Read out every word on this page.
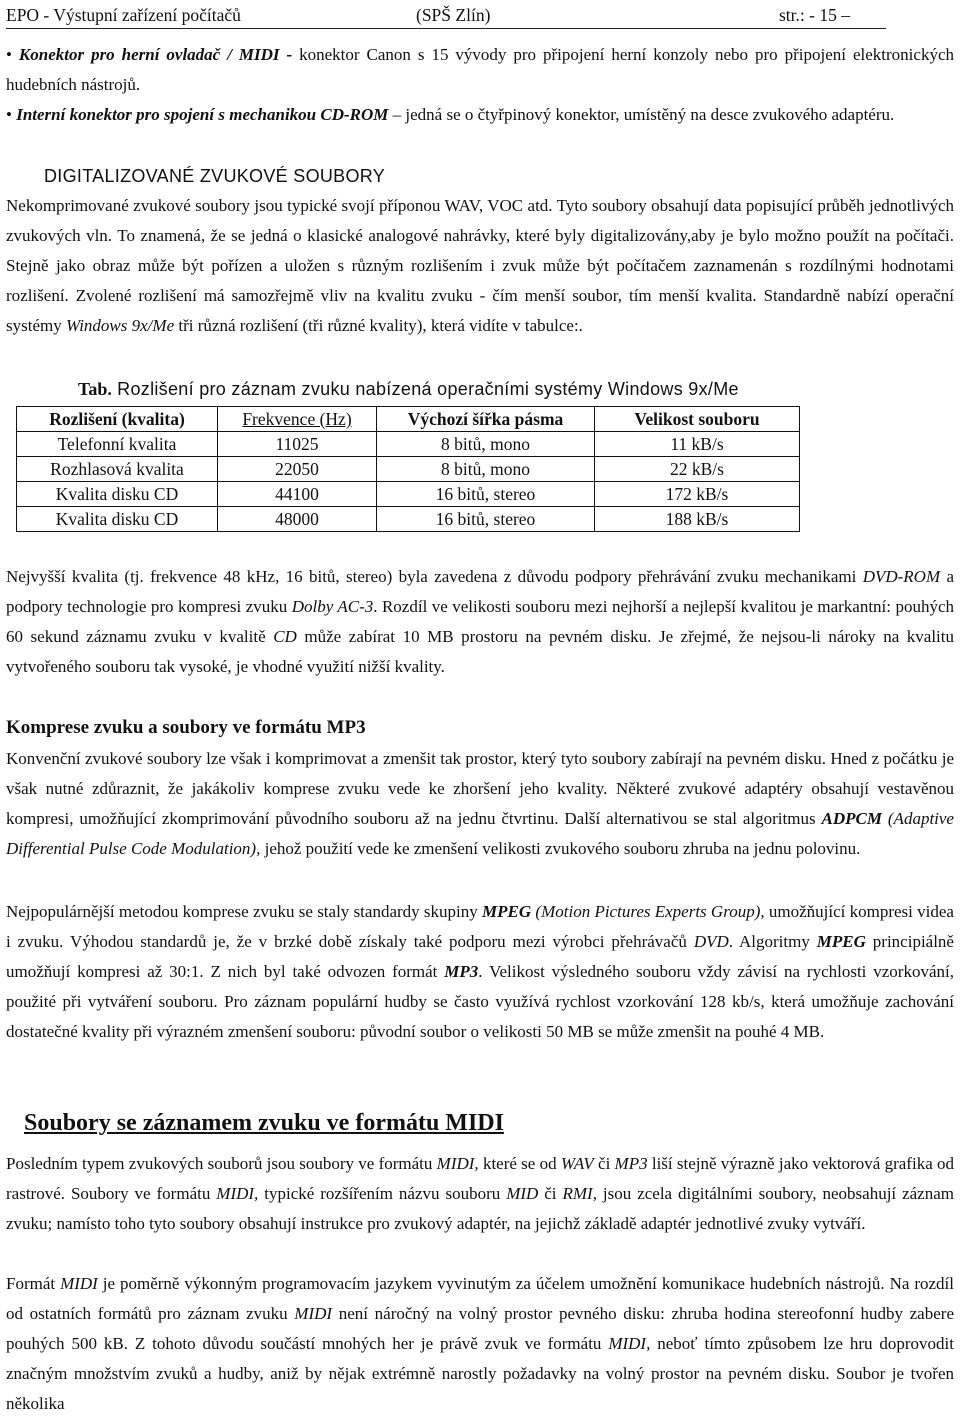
EPO - Výstupní zařízení počítačů	(SPŠ Zlín)	str.: - 15 –

• Konektor pro herní ovladač / MIDI - konektor Canon s 15 vývody pro připojení herní konzoly nebo pro připojení elektronických hudebních nástrojů.

• Interní konektor pro spojení s mechanikou CD-ROM – jedná se o čtyřpinový konektor, umístěný na desce zvukového adaptéru.

DIGITALIZOVANÉ ZVUKOVÉ SOUBORY

Nekomprimované zvukové soubory jsou typické svojí příponou WAV, VOC atd. Tyto soubory obsahují data popisující průběh jednotlivých zvukových vln. To znamená, že se jedná o klasické analogové nahrávky, které byly digitalizovány,aby je bylo možno použít na počítači. Stejně jako obraz může být pořízen a uložen s různým rozlišením i zvuk může být počítačem zaznamenán s rozdílnými hodnotami rozlišení. Zvolené rozlišení má samozřejmě vliv na kvalitu zvuku - čím menší soubor, tím menší kvalita. Standardně nabízí operační systémy Windows 9x/Me tři různá rozlišení (tři různé kvality), která vidíte v tabulce:.

Tab. Rozlišení pro záznam zvuku nabízená operačními systémy Windows 9x/Me

Rozlišení (kvalita)	Frekvence (Hz)	Výchozí šířka pásma	Velikost souboru
Telefonní kvalita	11025	8 bitů, mono	11 kB/s
Rozhlasová kvalita	22050	8 bitů, mono	22 kB/s
Kvalita disku CD	44100	16 bitů, stereo	172 kB/s
Kvalita disku CD	48000	16 bitů, stereo	188 kB/s

Nejvyšší kvalita (tj. frekvence 48 kHz, 16 bitů, stereo) byla zavedena z důvodu podpory přehrávání zvuku mechanikami DVD-ROM a podpory technologie pro kompresi zvuku Dolby AC-3. Rozdíl ve velikosti souboru mezi nejhorší a nejlepší kvalitou je markantní: pouhých 60 sekund záznamu zvuku v kvalitě CD může zabírat 10 MB prostoru na pevném disku. Je zřejmé, že nejsou-li nároky na kvalitu vytvořeného souboru tak vysoké, je vhodné využití nižší kvality.

Komprese zvuku a soubory ve formátu MP3

Konvenční zvukové soubory lze však i komprimovat a zmenšit tak prostor, který tyto soubory zabírají na pevném disku. Hned z počátku je však nutné zdůraznit, že jakákoliv komprese zvuku vede ke zhoršení jeho kvality. Některé zvukové adaptéry obsahují vestavěnou kompresi, umožňující zkomprimování původního souboru až na jednu čtvrtinu. Další alternativou se stal algoritmus ADPCM (Adaptive Differential Pulse Code Modulation), jehož použití vede ke zmenšení velikosti zvukového souboru zhruba na jednu polovinu.

Nejpopulárnější metodou komprese zvuku se staly standardy skupiny MPEG (Motion Pictures Experts Group), umožňující kompresi videa i zvuku. Výhodou standardů je, že v brzké době získaly také podporu mezi výrobci přehrávačů DVD. Algoritmy MPEG principiálně umožňují kompresi až 30:1. Z nich byl také odvozen formát MP3. Velikost výsledného souboru vždy závisí na rychlosti vzorkování, použité při vytváření souboru. Pro záznam populární hudby se často využívá rychlost vzorkování 128 kb/s, která umožňuje zachování dostatečné kvality při výrazném zmenšení souboru: původní soubor o velikosti 50 MB se může zmenšit na pouhé 4 MB.

Soubory se záznamem zvuku ve formátu MIDI

Posledním typem zvukových souborů jsou soubory ve formátu MIDI, které se od WAV či MP3 liší stejně výrazně jako vektorová grafika od rastrové. Soubory ve formátu MIDI, typické rozšířením názvu souboru MID či RMI, jsou zcela digitálními soubory, neobsahují záznam zvuku; namísto toho tyto soubory obsahují instrukce pro zvukový adaptér, na jejichž základě adaptér jednotlivé zvuky vytváří.

Formát MIDI je poměrně výkonným programovacím jazykem vyvinutým za účelem umožnění komunikace hudebních nástrojů. Na rozdíl od ostatních formátů pro záznam zvuku MIDI není náročný na volný prostor pevného disku: zhruba hodina stereofonní hudby zabere pouhých 500 kB. Z tohoto důvodu součástí mnohých her je právě zvuk ve formátu MIDI, neboť tímto způsobem lze hru doprovodit značným množstvím zvuků a hudby, aniž by nějak extrémně narostly požadavky na volný prostor na pevném disku. Soubor je tvořen několika
